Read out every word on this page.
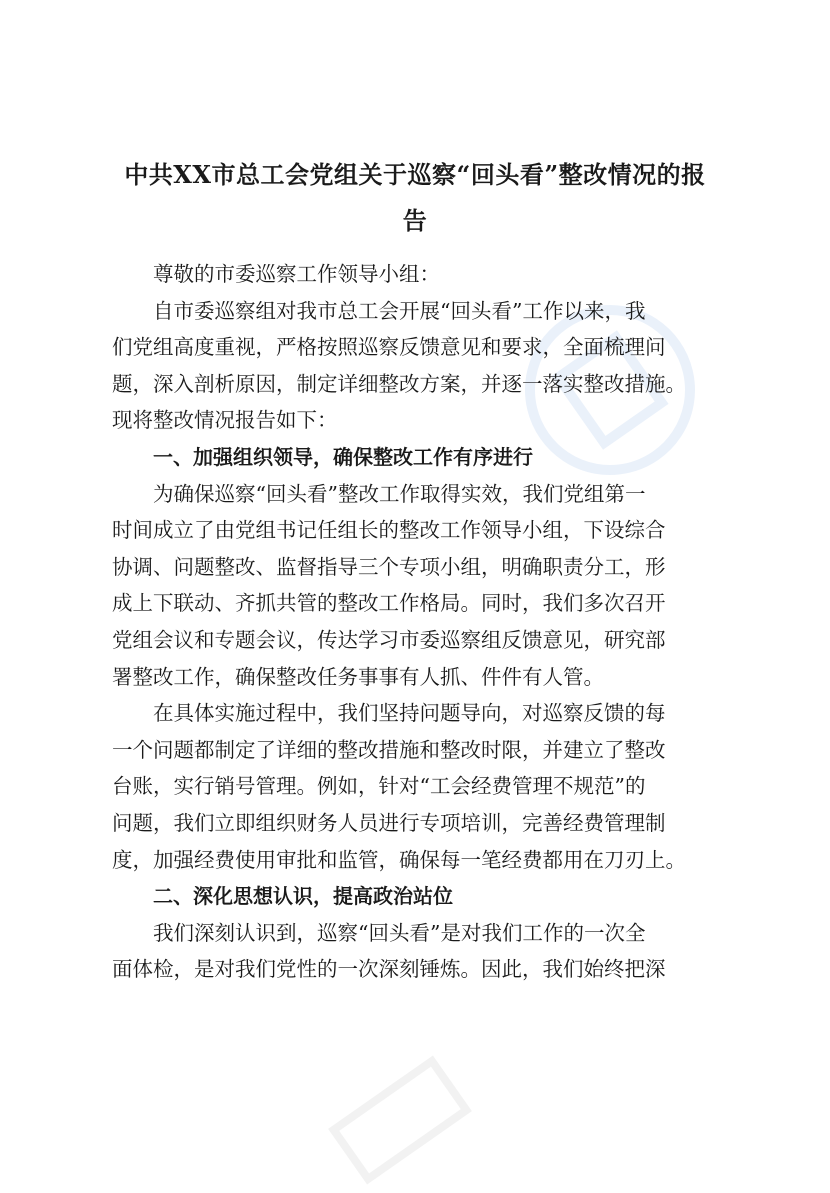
中共XX市总工会党组关于巡察“回头看”整改情况的报
告

尊敬的市委巡察工作领导小组：

自市委巡察组对我市总工会开展“回头看”工作以来，我

们党组高度重视，严格按照巡察反馈意见和要求，全面梳理问

题，深入剖析原因，制定详细整改方案，并逐一落实整改措施。

现将整改情况报告如下：

一、加强组织领导，确保整改工作有序进行

为确保巡察“回头看”整改工作取得实效，我们党组第一

时间成立了由党组书记任组长的整改工作领导小组，下设综合

协调、问题整改、监督指导三个专项小组，明确职责分工，形

成上下联动、齐抓共管的整改工作格局。同时，我们多次召开

党组会议和专题会议，传达学习市委巡察组反馈意见，研究部

署整改工作，确保整改任务事事有人抓、件件有人管。

在具体实施过程中，我们坚持问题导向，对巡察反馈的每

一个问题都制定了详细的整改措施和整改时限，并建立了整改

台账，实行销号管理。例如，针对“工会经费管理不规范”的

问题，我们立即组织财务人员进行专项培训，完善经费管理制

度，加强经费使用审批和监管，确保每一笔经费都用在刀刃上。

二、深化思想认识，提高政治站位

我们深刻认识到，巡察“回头看”是对我们工作的一次全

面体检，是对我们党性的一次深刻锤炼。因此，我们始终把深
